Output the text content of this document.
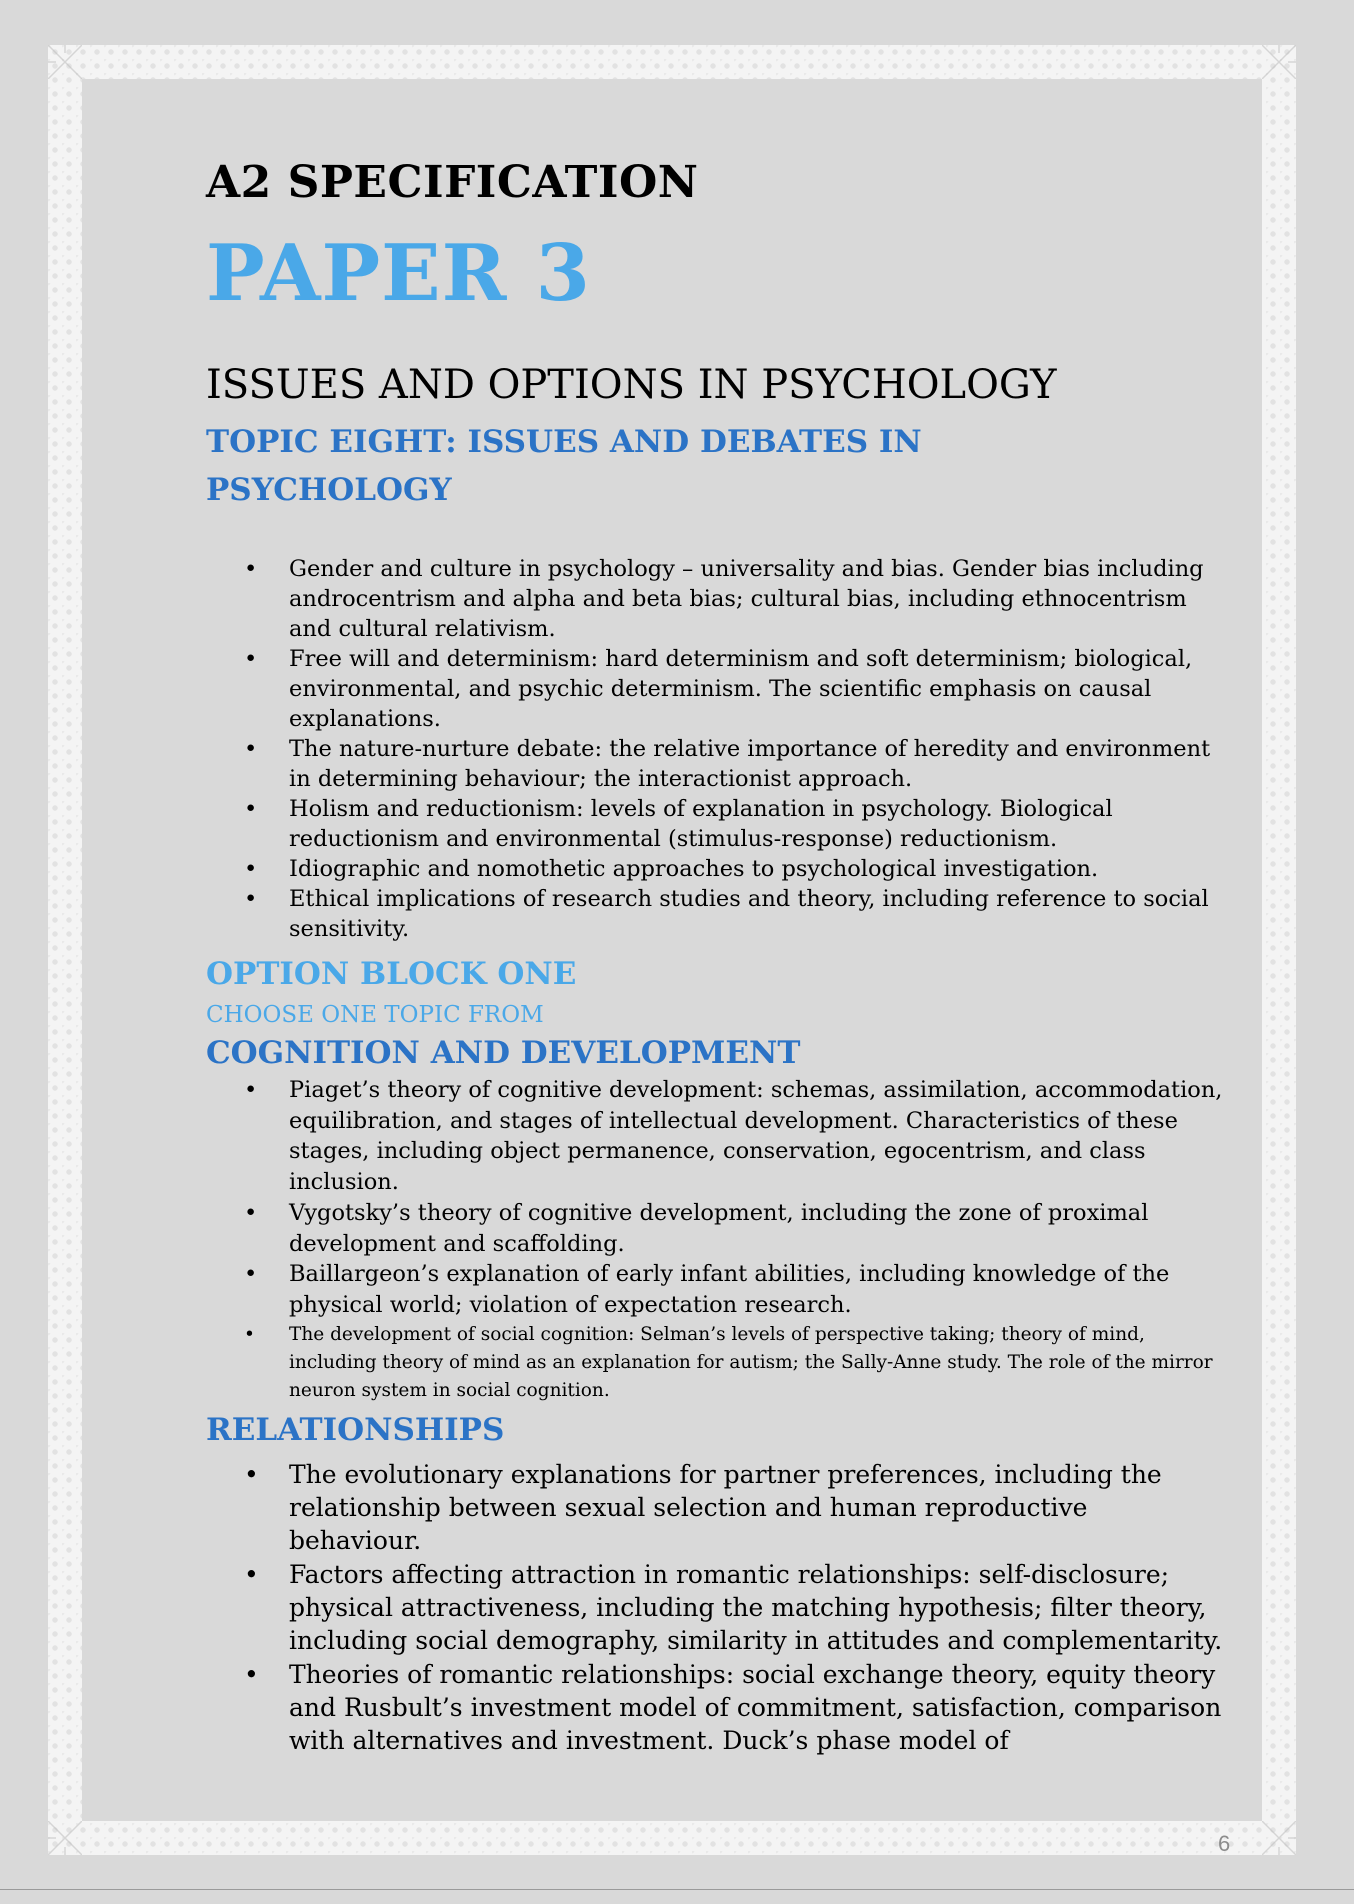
A2 SPECIFICATION
PAPER 3
ISSUES AND OPTIONS IN PSYCHOLOGY
TOPIC EIGHT: ISSUES AND DEBATES IN PSYCHOLOGY
• Gender and culture in psychology – universality and bias. Gender bias including androcentrism and alpha and beta bias; cultural bias, including ethnocentrism and cultural relativism.
• Free will and determinism: hard determinism and soft determinism; biological, environmental, and psychic determinism. The scientific emphasis on causal explanations.
• The nature-nurture debate: the relative importance of heredity and environment in determining behaviour; the interactionist approach.
• Holism and reductionism: levels of explanation in psychology. Biological reductionism and environmental (stimulus-response) reductionism.
• Idiographic and nomothetic approaches to psychological investigation.
• Ethical implications of research studies and theory, including reference to social sensitivity.
OPTION BLOCK ONE

CHOOSE ONE TOPIC FROM

COGNITION AND DEVELOPMENT
• Piaget’s theory of cognitive development: schemas, assimilation, accommodation, equilibration, and stages of intellectual development. Characteristics of these stages, including object permanence, conservation, egocentrism, and class inclusion.
• Vygotsky’s theory of cognitive development, including the zone of proximal development and scaffolding.
• Baillargeon’s explanation of early infant abilities, including knowledge of the physical world; violation of expectation research.
• The development of social cognition: Selman’s levels of perspective taking; theory of mind, including theory of mind as an explanation for autism; the Sally-Anne study. The role of the mirror neuron system in social cognition.
RELATIONSHIPS
• The evolutionary explanations for partner preferences, including the relationship between sexual selection and human reproductive behaviour.
• Factors affecting attraction in romantic relationships: self-disclosure; physical attractiveness, including the matching hypothesis; filter theory, including social demography, similarity in attitudes and complementarity.
• Theories of romantic relationships: social exchange theory, equity theory and Rusbult’s investment model of commitment, satisfaction, comparison with alternatives and investment. Duck’s phase model of
6
